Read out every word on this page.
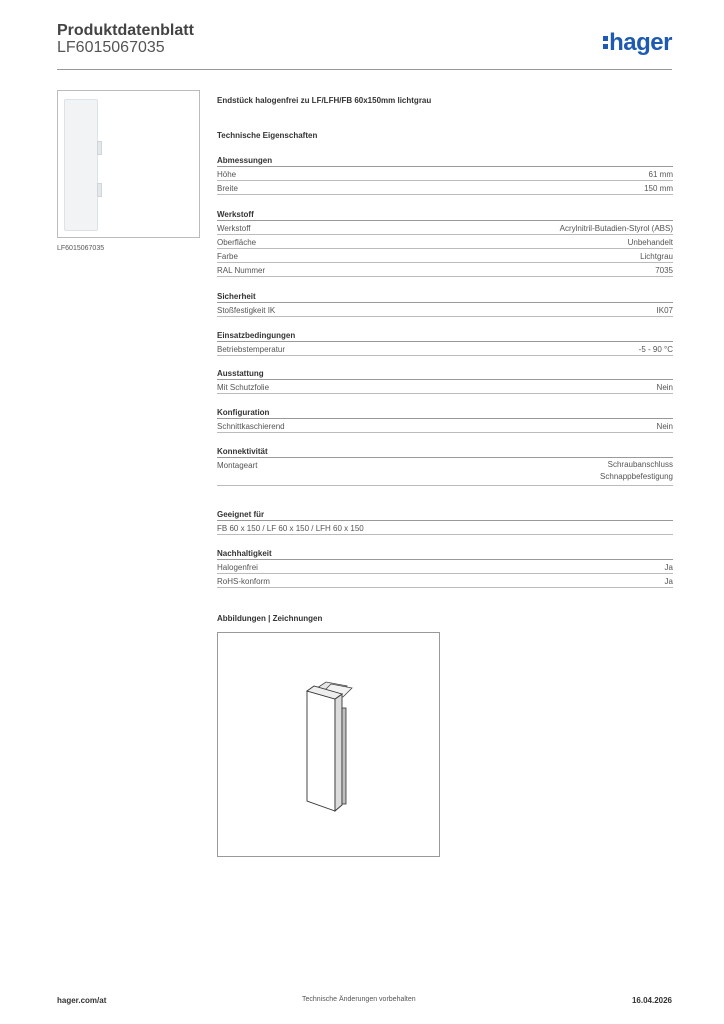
Produktdatenblatt
LF6015067035	hager
LF6015067035
Endstück halogenfrei zu LF/LFH/FB 60x150mm lichtgrau
Technische Eigenschaften
Abmessungen
Höhe	61 mm
Breite	150 mm
Werkstoff
Werkstoff	Acrylnitril-Butadien-Styrol (ABS)
Oberfläche	Unbehandelt
Farbe	Lichtgrau
RAL Nummer	7035
Sicherheit
Stoßfestigkeit IK	IK07
Einsatzbedingungen
Betriebstemperatur	-5 - 90 °C
Ausstattung
Mit Schutzfolie	Nein
Konfiguration
Schnittkaschierend	Nein
Konnektivität
Montageart	Schraubanschluss
Schnappbefestigung
Geeignet für
FB 60 x 150 / LF 60 x 150 / LFH 60 x 150
Nachhaltigkeit
Halogenfrei	Ja
RoHS-konform	Ja
Abbildungen | Zeichnungen
hager.com/at	Technische Änderungen vorbehalten	16.04.2026
